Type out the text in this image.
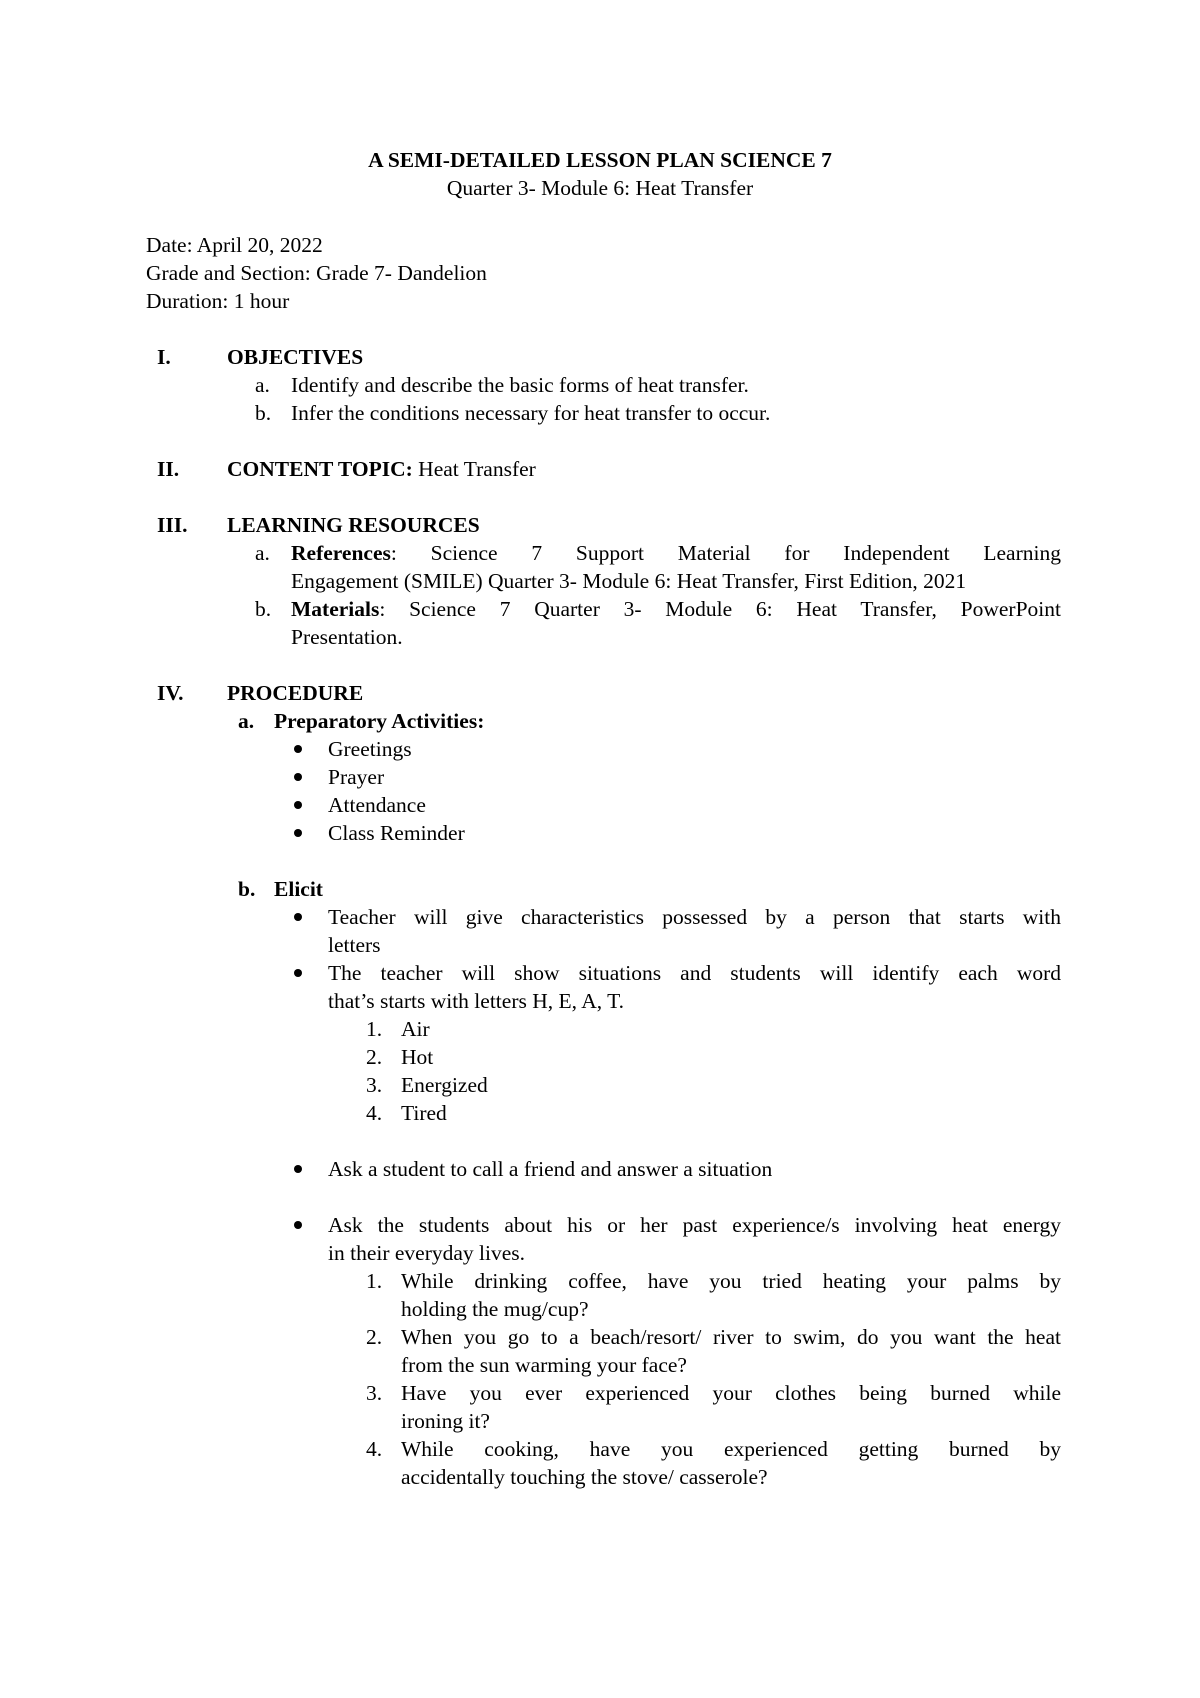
A SEMI-DETAILED LESSON PLAN SCIENCE 7
Quarter 3- Module 6: Heat Transfer
Date: April 20, 2022
Grade and Section: Grade 7- Dandelion
Duration: 1 hour
I.	OBJECTIVES
a. Identify and describe the basic forms of heat transfer.
b. Infer the conditions necessary for heat transfer to occur.
II. CONTENT TOPIC: Heat Transfer
III. LEARNING RESOURCES
a. References: Science 7 Support Material for Independent Learning
Engagement (SMILE) Quarter 3- Module 6: Heat Transfer, First Edition, 2021
b. Materials: Science 7 Quarter 3- Module 6: Heat Transfer, PowerPoint
Presentation.
IV. PROCEDURE
a. Preparatory Activities:
Greetings
Prayer
Attendance
Class Reminder
b. Elicit
Teacher will give characteristics possessed by a person that starts with
letters
The teacher will show situations and students will identify each word
that’s starts with letters H, E, A, T.
1. Air
2. Hot
3. Energized
4. Tired
Ask a student to call a friend and answer a situation
Ask the students about his or her past experience/s involving heat energy
in their everyday lives.
1. While drinking coffee, have you tried heating your palms by
holding the mug/cup?
2. When you go to a beach/resort/ river to swim, do you want the heat
from the sun warming your face?
3. Have you ever experienced your clothes being burned while
ironing it?
4. While cooking, have you experienced getting burned by
accidentally touching the stove/ casserole?
